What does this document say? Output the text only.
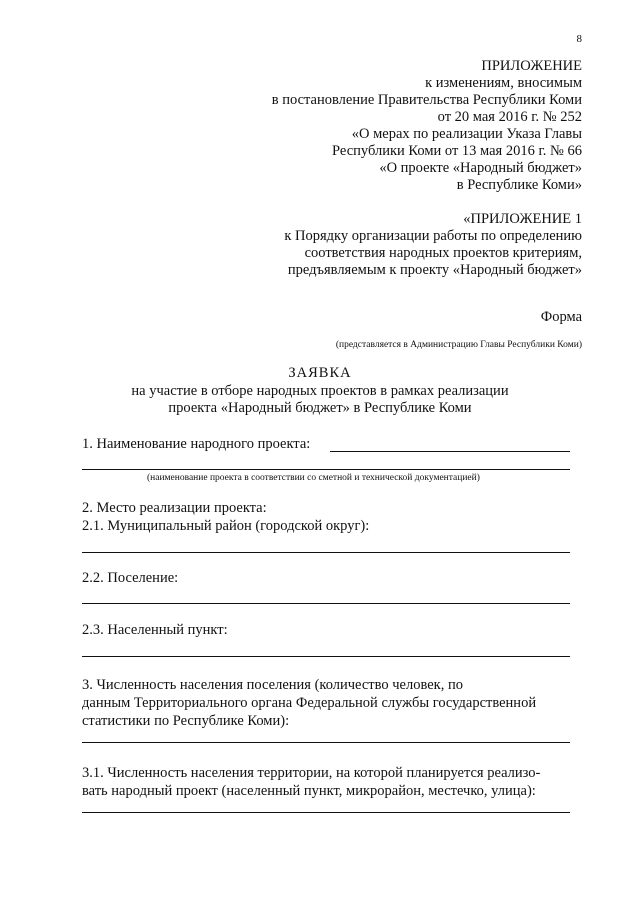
8
ПРИЛОЖЕНИЕ
к изменениям, вносимым
в постановление Правительства Республики Коми
от 20 мая 2016 г. № 252
«О мерах по реализации Указа Главы
Республики Коми от 13 мая 2016 г. № 66
«О проекте «Народный бюджет»
в Республике Коми»
«ПРИЛОЖЕНИЕ 1
к Порядку организации работы по определению
соответствия народных проектов критериям,
предъявляемым к проекту «Народный бюджет»
Форма
(представляется в Администрацию Главы Республики Коми)
ЗАЯВКА
на участие в отборе народных проектов в рамках реализации
проекта «Народный бюджет» в Республике Коми
1. Наименование народного проекта:
(наименование проекта в соответствии со сметной и технической документацией)
2. Место реализации проекта:
2.1. Муниципальный район (городской округ):
2.2. Поселение:
2.3. Населенный пункт:
3. Численность населения поселения (количество человек, по
данным Территориального органа Федеральной службы государственной
статистики по Республике Коми):
3.1. Численность населения территории, на которой планируется реализо-
вать народный проект (населенный пункт, микрорайон, местечко, улица):
